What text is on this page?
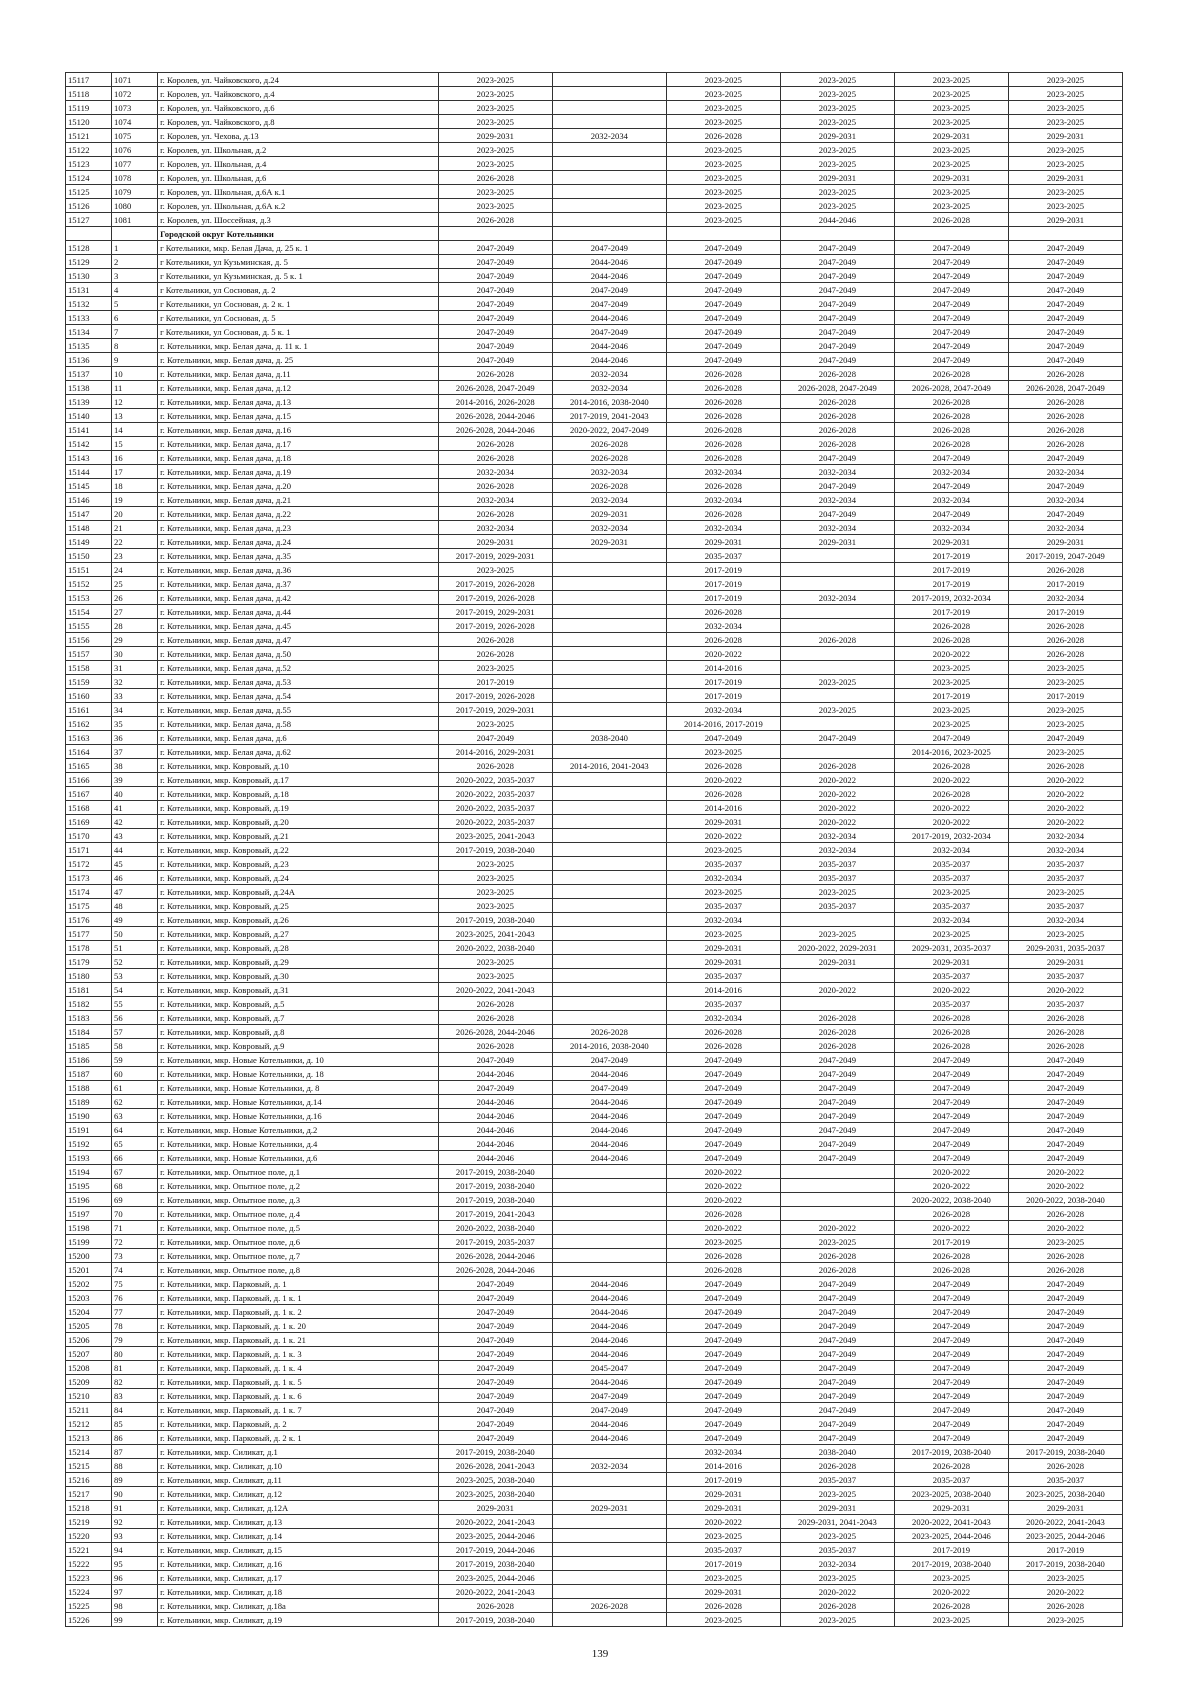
15117	1071	г. Королев, ул. Чайковского, д.24	2023-2025		2023-2025	2023-2025	2023-2025	2023-2025
15118	1072	г. Королев, ул. Чайковского, д.4	2023-2025		2023-2025	2023-2025	2023-2025	2023-2025
15119	1073	г. Королев, ул. Чайковского, д.6	2023-2025		2023-2025	2023-2025	2023-2025	2023-2025
15120	1074	г. Королев, ул. Чайковского, д.8	2023-2025		2023-2025	2023-2025	2023-2025	2023-2025
15121	1075	г. Королев, ул. Чехова, д.13	2029-2031	2032-2034	2026-2028	2029-2031	2029-2031	2029-2031
15122	1076	г. Королев, ул. Школьная, д.2	2023-2025		2023-2025	2023-2025	2023-2025	2023-2025
15123	1077	г. Королев, ул. Школьная, д.4	2023-2025		2023-2025	2023-2025	2023-2025	2023-2025
15124	1078	г. Королев, ул. Школьная, д.6	2026-2028		2023-2025	2029-2031	2029-2031	2029-2031
15125	1079	г. Королев, ул. Школьная, д.6А к.1	2023-2025		2023-2025	2023-2025	2023-2025	2023-2025
15126	1080	г. Королев, ул. Школьная, д.6А к.2	2023-2025		2023-2025	2023-2025	2023-2025	2023-2025
15127	1081	г. Королев, ул. Шоссейная, д.3	2026-2028		2023-2025	2044-2046	2026-2028	2029-2031
		Городской округ Котельники						
15128	1	г Котельники, мкр. Белая Дача, д. 25 к. 1	2047-2049	2047-2049	2047-2049	2047-2049	2047-2049	2047-2049
15129	2	г Котельники, ул Кузьминская, д. 5	2047-2049	2044-2046	2047-2049	2047-2049	2047-2049	2047-2049
15130	3	г Котельники, ул Кузьминская, д. 5 к. 1	2047-2049	2044-2046	2047-2049	2047-2049	2047-2049	2047-2049
15131	4	г Котельники, ул Сосновая, д. 2	2047-2049	2047-2049	2047-2049	2047-2049	2047-2049	2047-2049
15132	5	г Котельники, ул Сосновая, д. 2 к. 1	2047-2049	2047-2049	2047-2049	2047-2049	2047-2049	2047-2049
15133	6	г Котельники, ул Сосновая, д. 5	2047-2049	2044-2046	2047-2049	2047-2049	2047-2049	2047-2049
15134	7	г Котельники, ул Сосновая, д. 5 к. 1	2047-2049	2047-2049	2047-2049	2047-2049	2047-2049	2047-2049
15135	8	г. Котельники, мкр. Белая дача, д. 11 к. 1	2047-2049	2044-2046	2047-2049	2047-2049	2047-2049	2047-2049
15136	9	г. Котельники, мкр. Белая дача, д. 25	2047-2049	2044-2046	2047-2049	2047-2049	2047-2049	2047-2049
15137	10	г. Котельники, мкр. Белая дача, д.11	2026-2028	2032-2034	2026-2028	2026-2028	2026-2028	2026-2028
15138	11	г. Котельники, мкр. Белая дача, д.12	2026-2028, 2047-2049	2032-2034	2026-2028	2026-2028, 2047-2049	2026-2028, 2047-2049	2026-2028, 2047-2049
15139	12	г. Котельники, мкр. Белая дача, д.13	2014-2016, 2026-2028	2014-2016, 2038-2040	2026-2028	2026-2028	2026-2028	2026-2028
15140	13	г. Котельники, мкр. Белая дача, д.15	2026-2028, 2044-2046	2017-2019, 2041-2043	2026-2028	2026-2028	2026-2028	2026-2028
15141	14	г. Котельники, мкр. Белая дача, д.16	2026-2028, 2044-2046	2020-2022, 2047-2049	2026-2028	2026-2028	2026-2028	2026-2028
15142	15	г. Котельники, мкр. Белая дача, д.17	2026-2028	2026-2028	2026-2028	2026-2028	2026-2028	2026-2028
15143	16	г. Котельники, мкр. Белая дача, д.18	2026-2028	2026-2028	2026-2028	2047-2049	2047-2049	2047-2049
15144	17	г. Котельники, мкр. Белая дача, д.19	2032-2034	2032-2034	2032-2034	2032-2034	2032-2034	2032-2034
15145	18	г. Котельники, мкр. Белая дача, д.20	2026-2028	2026-2028	2026-2028	2047-2049	2047-2049	2047-2049
15146	19	г. Котельники, мкр. Белая дача, д.21	2032-2034	2032-2034	2032-2034	2032-2034	2032-2034	2032-2034
15147	20	г. Котельники, мкр. Белая дача, д.22	2026-2028	2029-2031	2026-2028	2047-2049	2047-2049	2047-2049
15148	21	г. Котельники, мкр. Белая дача, д.23	2032-2034	2032-2034	2032-2034	2032-2034	2032-2034	2032-2034
15149	22	г. Котельники, мкр. Белая дача, д.24	2029-2031	2029-2031	2029-2031	2029-2031	2029-2031	2029-2031
15150	23	г. Котельники, мкр. Белая дача, д.35	2017-2019, 2029-2031		2035-2037		2017-2019	2017-2019, 2047-2049
15151	24	г. Котельники, мкр. Белая дача, д.36	2023-2025		2017-2019		2017-2019	2026-2028
15152	25	г. Котельники, мкр. Белая дача, д.37	2017-2019, 2026-2028		2017-2019		2017-2019	2017-2019
15153	26	г. Котельники, мкр. Белая дача, д.42	2017-2019, 2026-2028		2017-2019	2032-2034	2017-2019, 2032-2034	2032-2034
15154	27	г. Котельники, мкр. Белая дача, д.44	2017-2019, 2029-2031		2026-2028		2017-2019	2017-2019
15155	28	г. Котельники, мкр. Белая дача, д.45	2017-2019, 2026-2028		2032-2034		2026-2028	2026-2028
15156	29	г. Котельники, мкр. Белая дача, д.47	2026-2028		2026-2028	2026-2028	2026-2028	2026-2028
15157	30	г. Котельники, мкр. Белая дача, д.50	2026-2028		2020-2022		2020-2022	2026-2028
15158	31	г. Котельники, мкр. Белая дача, д.52	2023-2025		2014-2016		2023-2025	2023-2025
15159	32	г. Котельники, мкр. Белая дача, д.53	2017-2019		2017-2019	2023-2025	2023-2025	2023-2025
15160	33	г. Котельники, мкр. Белая дача, д.54	2017-2019, 2026-2028		2017-2019		2017-2019	2017-2019
15161	34	г. Котельники, мкр. Белая дача, д.55	2017-2019, 2029-2031		2032-2034	2023-2025	2023-2025	2023-2025
15162	35	г. Котельники, мкр. Белая дача, д.58	2023-2025		2014-2016, 2017-2019		2023-2025	2023-2025
15163	36	г. Котельники, мкр. Белая дача, д.6	2047-2049	2038-2040	2047-2049	2047-2049	2047-2049	2047-2049
15164	37	г. Котельники, мкр. Белая дача, д.62	2014-2016, 2029-2031		2023-2025		2014-2016, 2023-2025	2023-2025
15165	38	г. Котельники, мкр. Ковровый, д.10	2026-2028	2014-2016, 2041-2043	2026-2028	2026-2028	2026-2028	2026-2028
15166	39	г. Котельники, мкр. Ковровый, д.17	2020-2022, 2035-2037		2020-2022	2020-2022	2020-2022	2020-2022
15167	40	г. Котельники, мкр. Ковровый, д.18	2020-2022, 2035-2037		2026-2028	2020-2022	2026-2028	2020-2022
15168	41	г. Котельники, мкр. Ковровый, д.19	2020-2022, 2035-2037		2014-2016	2020-2022	2020-2022	2020-2022
15169	42	г. Котельники, мкр. Ковровый, д.20	2020-2022, 2035-2037		2029-2031	2020-2022	2020-2022	2020-2022
15170	43	г. Котельники, мкр. Ковровый, д.21	2023-2025, 2041-2043		2020-2022	2032-2034	2017-2019, 2032-2034	2032-2034
15171	44	г. Котельники, мкр. Ковровый, д.22	2017-2019, 2038-2040		2023-2025	2032-2034	2032-2034	2032-2034
15172	45	г. Котельники, мкр. Ковровый, д.23	2023-2025		2035-2037	2035-2037	2035-2037	2035-2037
15173	46	г. Котельники, мкр. Ковровый, д.24	2023-2025		2032-2034	2035-2037	2035-2037	2035-2037
15174	47	г. Котельники, мкр. Ковровый, д.24А	2023-2025		2023-2025	2023-2025	2023-2025	2023-2025
15175	48	г. Котельники, мкр. Ковровый, д.25	2023-2025		2035-2037	2035-2037	2035-2037	2035-2037
15176	49	г. Котельники, мкр. Ковровый, д.26	2017-2019, 2038-2040		2032-2034		2032-2034	2032-2034
15177	50	г. Котельники, мкр. Ковровый, д.27	2023-2025, 2041-2043		2023-2025	2023-2025	2023-2025	2023-2025
15178	51	г. Котельники, мкр. Ковровый, д.28	2020-2022, 2038-2040		2029-2031	2020-2022, 2029-2031	2029-2031, 2035-2037	2029-2031, 2035-2037
15179	52	г. Котельники, мкр. Ковровый, д.29	2023-2025		2029-2031	2029-2031	2029-2031	2029-2031
15180	53	г. Котельники, мкр. Ковровый, д.30	2023-2025		2035-2037		2035-2037	2035-2037
15181	54	г. Котельники, мкр. Ковровый, д.31	2020-2022, 2041-2043		2014-2016	2020-2022	2020-2022	2020-2022
15182	55	г. Котельники, мкр. Ковровый, д.5	2026-2028		2035-2037		2035-2037	2035-2037
15183	56	г. Котельники, мкр. Ковровый, д.7	2026-2028		2032-2034	2026-2028	2026-2028	2026-2028
15184	57	г. Котельники, мкр. Ковровый, д.8	2026-2028, 2044-2046	2026-2028	2026-2028	2026-2028	2026-2028	2026-2028
15185	58	г. Котельники, мкр. Ковровый, д.9	2026-2028	2014-2016, 2038-2040	2026-2028	2026-2028	2026-2028	2026-2028
15186	59	г. Котельники, мкр. Новые Котельники, д. 10	2047-2049	2047-2049	2047-2049	2047-2049	2047-2049	2047-2049
15187	60	г. Котельники, мкр. Новые Котельники, д. 18	2044-2046	2044-2046	2047-2049	2047-2049	2047-2049	2047-2049
15188	61	г. Котельники, мкр. Новые Котельники, д. 8	2047-2049	2047-2049	2047-2049	2047-2049	2047-2049	2047-2049
15189	62	г. Котельники, мкр. Новые Котельники, д.14	2044-2046	2044-2046	2047-2049	2047-2049	2047-2049	2047-2049
15190	63	г. Котельники, мкр. Новые Котельники, д.16	2044-2046	2044-2046	2047-2049	2047-2049	2047-2049	2047-2049
15191	64	г. Котельники, мкр. Новые Котельники, д.2	2044-2046	2044-2046	2047-2049	2047-2049	2047-2049	2047-2049
15192	65	г. Котельники, мкр. Новые Котельники, д.4	2044-2046	2044-2046	2047-2049	2047-2049	2047-2049	2047-2049
15193	66	г. Котельники, мкр. Новые Котельники, д.6	2044-2046	2044-2046	2047-2049	2047-2049	2047-2049	2047-2049
15194	67	г. Котельники, мкр. Опытное поле, д.1	2017-2019, 2038-2040		2020-2022		2020-2022	2020-2022
15195	68	г. Котельники, мкр. Опытное поле, д.2	2017-2019, 2038-2040		2020-2022		2020-2022	2020-2022
15196	69	г. Котельники, мкр. Опытное поле, д.3	2017-2019, 2038-2040		2020-2022		2020-2022, 2038-2040	2020-2022, 2038-2040
15197	70	г. Котельники, мкр. Опытное поле, д.4	2017-2019, 2041-2043		2026-2028		2026-2028	2026-2028
15198	71	г. Котельники, мкр. Опытное поле, д.5	2020-2022, 2038-2040		2020-2022	2020-2022	2020-2022	2020-2022
15199	72	г. Котельники, мкр. Опытное поле, д.6	2017-2019, 2035-2037		2023-2025	2023-2025	2017-2019	2023-2025
15200	73	г. Котельники, мкр. Опытное поле, д.7	2026-2028, 2044-2046		2026-2028	2026-2028	2026-2028	2026-2028
15201	74	г. Котельники, мкр. Опытное поле, д.8	2026-2028, 2044-2046		2026-2028	2026-2028	2026-2028	2026-2028
15202	75	г. Котельники, мкр. Парковый, д. 1	2047-2049	2044-2046	2047-2049	2047-2049	2047-2049	2047-2049
15203	76	г. Котельники, мкр. Парковый, д. 1 к. 1	2047-2049	2044-2046	2047-2049	2047-2049	2047-2049	2047-2049
15204	77	г. Котельники, мкр. Парковый, д. 1 к. 2	2047-2049	2044-2046	2047-2049	2047-2049	2047-2049	2047-2049
15205	78	г. Котельники, мкр. Парковый, д. 1 к. 20	2047-2049	2044-2046	2047-2049	2047-2049	2047-2049	2047-2049
15206	79	г. Котельники, мкр. Парковый, д. 1 к. 21	2047-2049	2044-2046	2047-2049	2047-2049	2047-2049	2047-2049
15207	80	г. Котельники, мкр. Парковый, д. 1 к. 3	2047-2049	2044-2046	2047-2049	2047-2049	2047-2049	2047-2049
15208	81	г. Котельники, мкр. Парковый, д. 1 к. 4	2047-2049	2045-2047	2047-2049	2047-2049	2047-2049	2047-2049
15209	82	г. Котельники, мкр. Парковый, д. 1 к. 5	2047-2049	2044-2046	2047-2049	2047-2049	2047-2049	2047-2049
15210	83	г. Котельники, мкр. Парковый, д. 1 к. 6	2047-2049	2047-2049	2047-2049	2047-2049	2047-2049	2047-2049
15211	84	г. Котельники, мкр. Парковый, д. 1 к. 7	2047-2049	2047-2049	2047-2049	2047-2049	2047-2049	2047-2049
15212	85	г. Котельники, мкр. Парковый, д. 2	2047-2049	2044-2046	2047-2049	2047-2049	2047-2049	2047-2049
15213	86	г. Котельники, мкр. Парковый, д. 2 к. 1	2047-2049	2044-2046	2047-2049	2047-2049	2047-2049	2047-2049
15214	87	г. Котельники, мкр. Силикат, д.1	2017-2019, 2038-2040		2032-2034	2038-2040	2017-2019, 2038-2040	2017-2019, 2038-2040
15215	88	г. Котельники, мкр. Силикат, д.10	2026-2028, 2041-2043	2032-2034	2014-2016	2026-2028	2026-2028	2026-2028
15216	89	г. Котельники, мкр. Силикат, д.11	2023-2025, 2038-2040		2017-2019	2035-2037	2035-2037	2035-2037
15217	90	г. Котельники, мкр. Силикат, д.12	2023-2025, 2038-2040		2029-2031	2023-2025	2023-2025, 2038-2040	2023-2025, 2038-2040
15218	91	г. Котельники, мкр. Силикат, д.12А	2029-2031	2029-2031	2029-2031	2029-2031	2029-2031	2029-2031
15219	92	г. Котельники, мкр. Силикат, д.13	2020-2022, 2041-2043		2020-2022	2029-2031, 2041-2043	2020-2022, 2041-2043	2020-2022, 2041-2043
15220	93	г. Котельники, мкр. Силикат, д.14	2023-2025, 2044-2046		2023-2025	2023-2025	2023-2025, 2044-2046	2023-2025, 2044-2046
15221	94	г. Котельники, мкр. Силикат, д.15	2017-2019, 2044-2046		2035-2037	2035-2037	2017-2019	2017-2019
15222	95	г. Котельники, мкр. Силикат, д.16	2017-2019, 2038-2040		2017-2019	2032-2034	2017-2019, 2038-2040	2017-2019, 2038-2040
15223	96	г. Котельники, мкр. Силикат, д.17	2023-2025, 2044-2046		2023-2025	2023-2025	2023-2025	2023-2025
15224	97	г. Котельники, мкр. Силикат, д.18	2020-2022, 2041-2043		2029-2031	2020-2022	2020-2022	2020-2022
15225	98	г. Котельники, мкр. Силикат, д.18а	2026-2028	2026-2028	2026-2028	2026-2028	2026-2028	2026-2028
15226	99	г. Котельники, мкр. Силикат, д.19	2017-2019, 2038-2040		2023-2025	2023-2025	2023-2025	2023-2025
139
